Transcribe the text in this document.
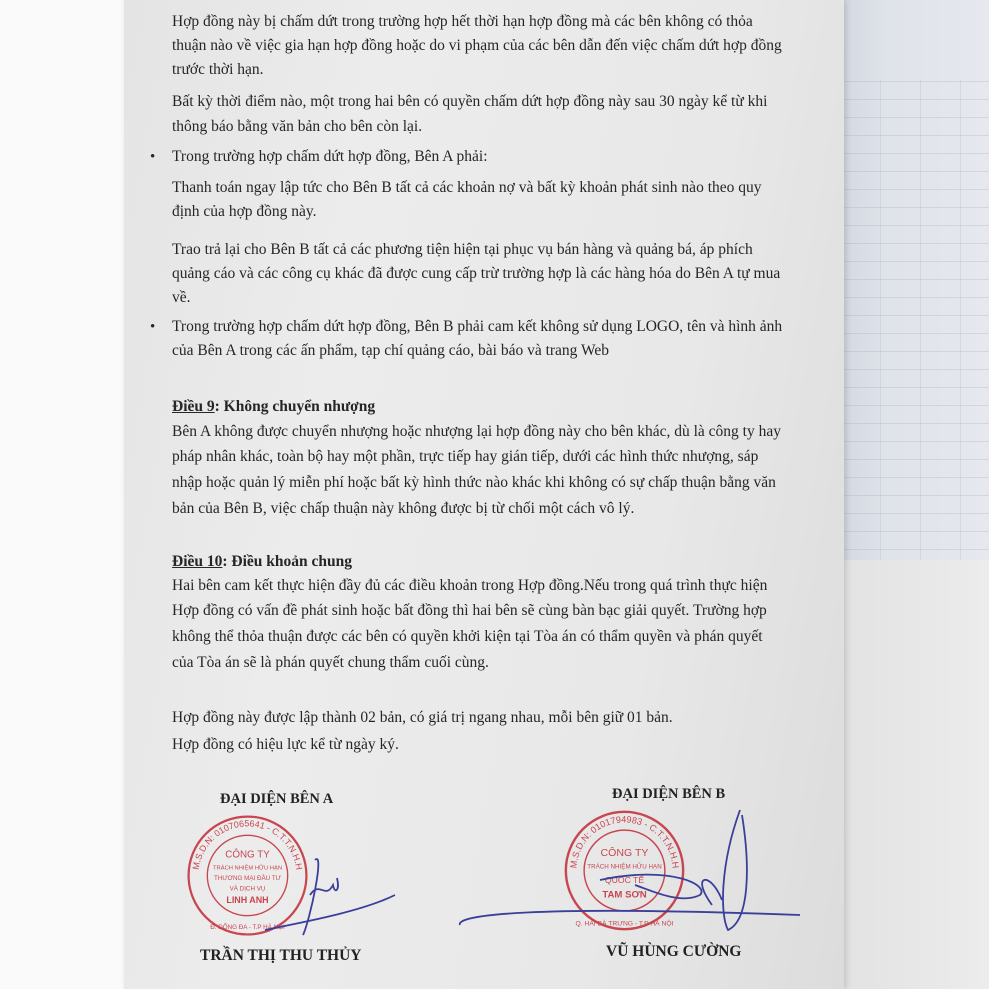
Hợp đồng này bị chấm dứt trong trường hợp hết thời hạn hợp đồng mà các bên không có thỏa
thuận nào về việc gia hạn hợp đồng hoặc do vi phạm của các bên dẫn đến việc chấm dứt hợp đồng
trước thời hạn.
Bất kỳ thời điểm nào, một trong hai bên có quyền chấm dứt hợp đồng này sau 30 ngày kể từ khi
thông báo bằng văn bản cho bên còn lại.
• Trong trường hợp chấm dứt hợp đồng, Bên A phải:
Thanh toán ngay lập tức cho Bên B tất cả các khoản nợ và bất kỳ khoản phát sinh nào theo quy
định của hợp đồng này.
Trao trả lại cho Bên B tất cả các phương tiện hiện tại phục vụ bán hàng và quảng bá, áp phích
quảng cáo và các công cụ khác đã được cung cấp trừ trường hợp là các hàng hóa do Bên A tự mua
về.
• Trong trường hợp chấm dứt hợp đồng, Bên B phải cam kết không sử dụng LOGO, tên và hình ảnh
của Bên A trong các ấn phẩm, tạp chí quảng cáo, bài báo và trang Web
Điều 9: Không chuyển nhượng
Bên A không được chuyển nhượng hoặc nhượng lại hợp đồng này cho bên khác, dù là công ty hay
pháp nhân khác, toàn bộ hay một phần, trực tiếp hay gián tiếp, dưới các hình thức nhượng, sáp
nhập hoặc quản lý miễn phí hoặc bất kỳ hình thức nào khác khi không có sự chấp thuận bằng văn
bản của Bên B, việc chấp thuận này không được bị từ chối một cách vô lý.
Điều 10: Điều khoản chung
Hai bên cam kết thực hiện đầy đủ các điều khoản trong Hợp đồng.Nếu trong quá trình thực hiện
Hợp đồng có vấn đề phát sinh hoặc bất đồng thì hai bên sẽ cùng bàn bạc giải quyết. Trường hợp
không thể thỏa thuận được các bên có quyền khởi kiện tại Tòa án có thẩm quyền và phán quyết
của Tòa án sẽ là phán quyết chung thẩm cuối cùng.
Hợp đồng này được lập thành 02 bản, có giá trị ngang nhau, mỗi bên giữ 01 bản.
Hợp đồng có hiệu lực kể từ ngày ký.
ĐẠI DIỆN BÊN A	ĐẠI DIỆN BÊN B
M.S.D.N: 0107065641 - C.T.T.N.H.H
CÔNG TY
TRÁCH NHIỆM HỮU HẠN
THƯƠNG MẠI ĐẦU TƯ
VÀ DỊCH VỤ
LINH ANH
Đ. ĐỐNG ĐA - T.P HÀ NỘI
M.S.D.N: 0101794983 - C.T.T.N.H.H
CÔNG TY
TRÁCH NHIỆM HỮU HẠN
QUỐC TẾ
TAM SƠN
Q. HAI BÀ TRƯNG - T.P HÀ NỘI
TRẦN THỊ THU THỦY	VŨ HÙNG CƯỜNG
